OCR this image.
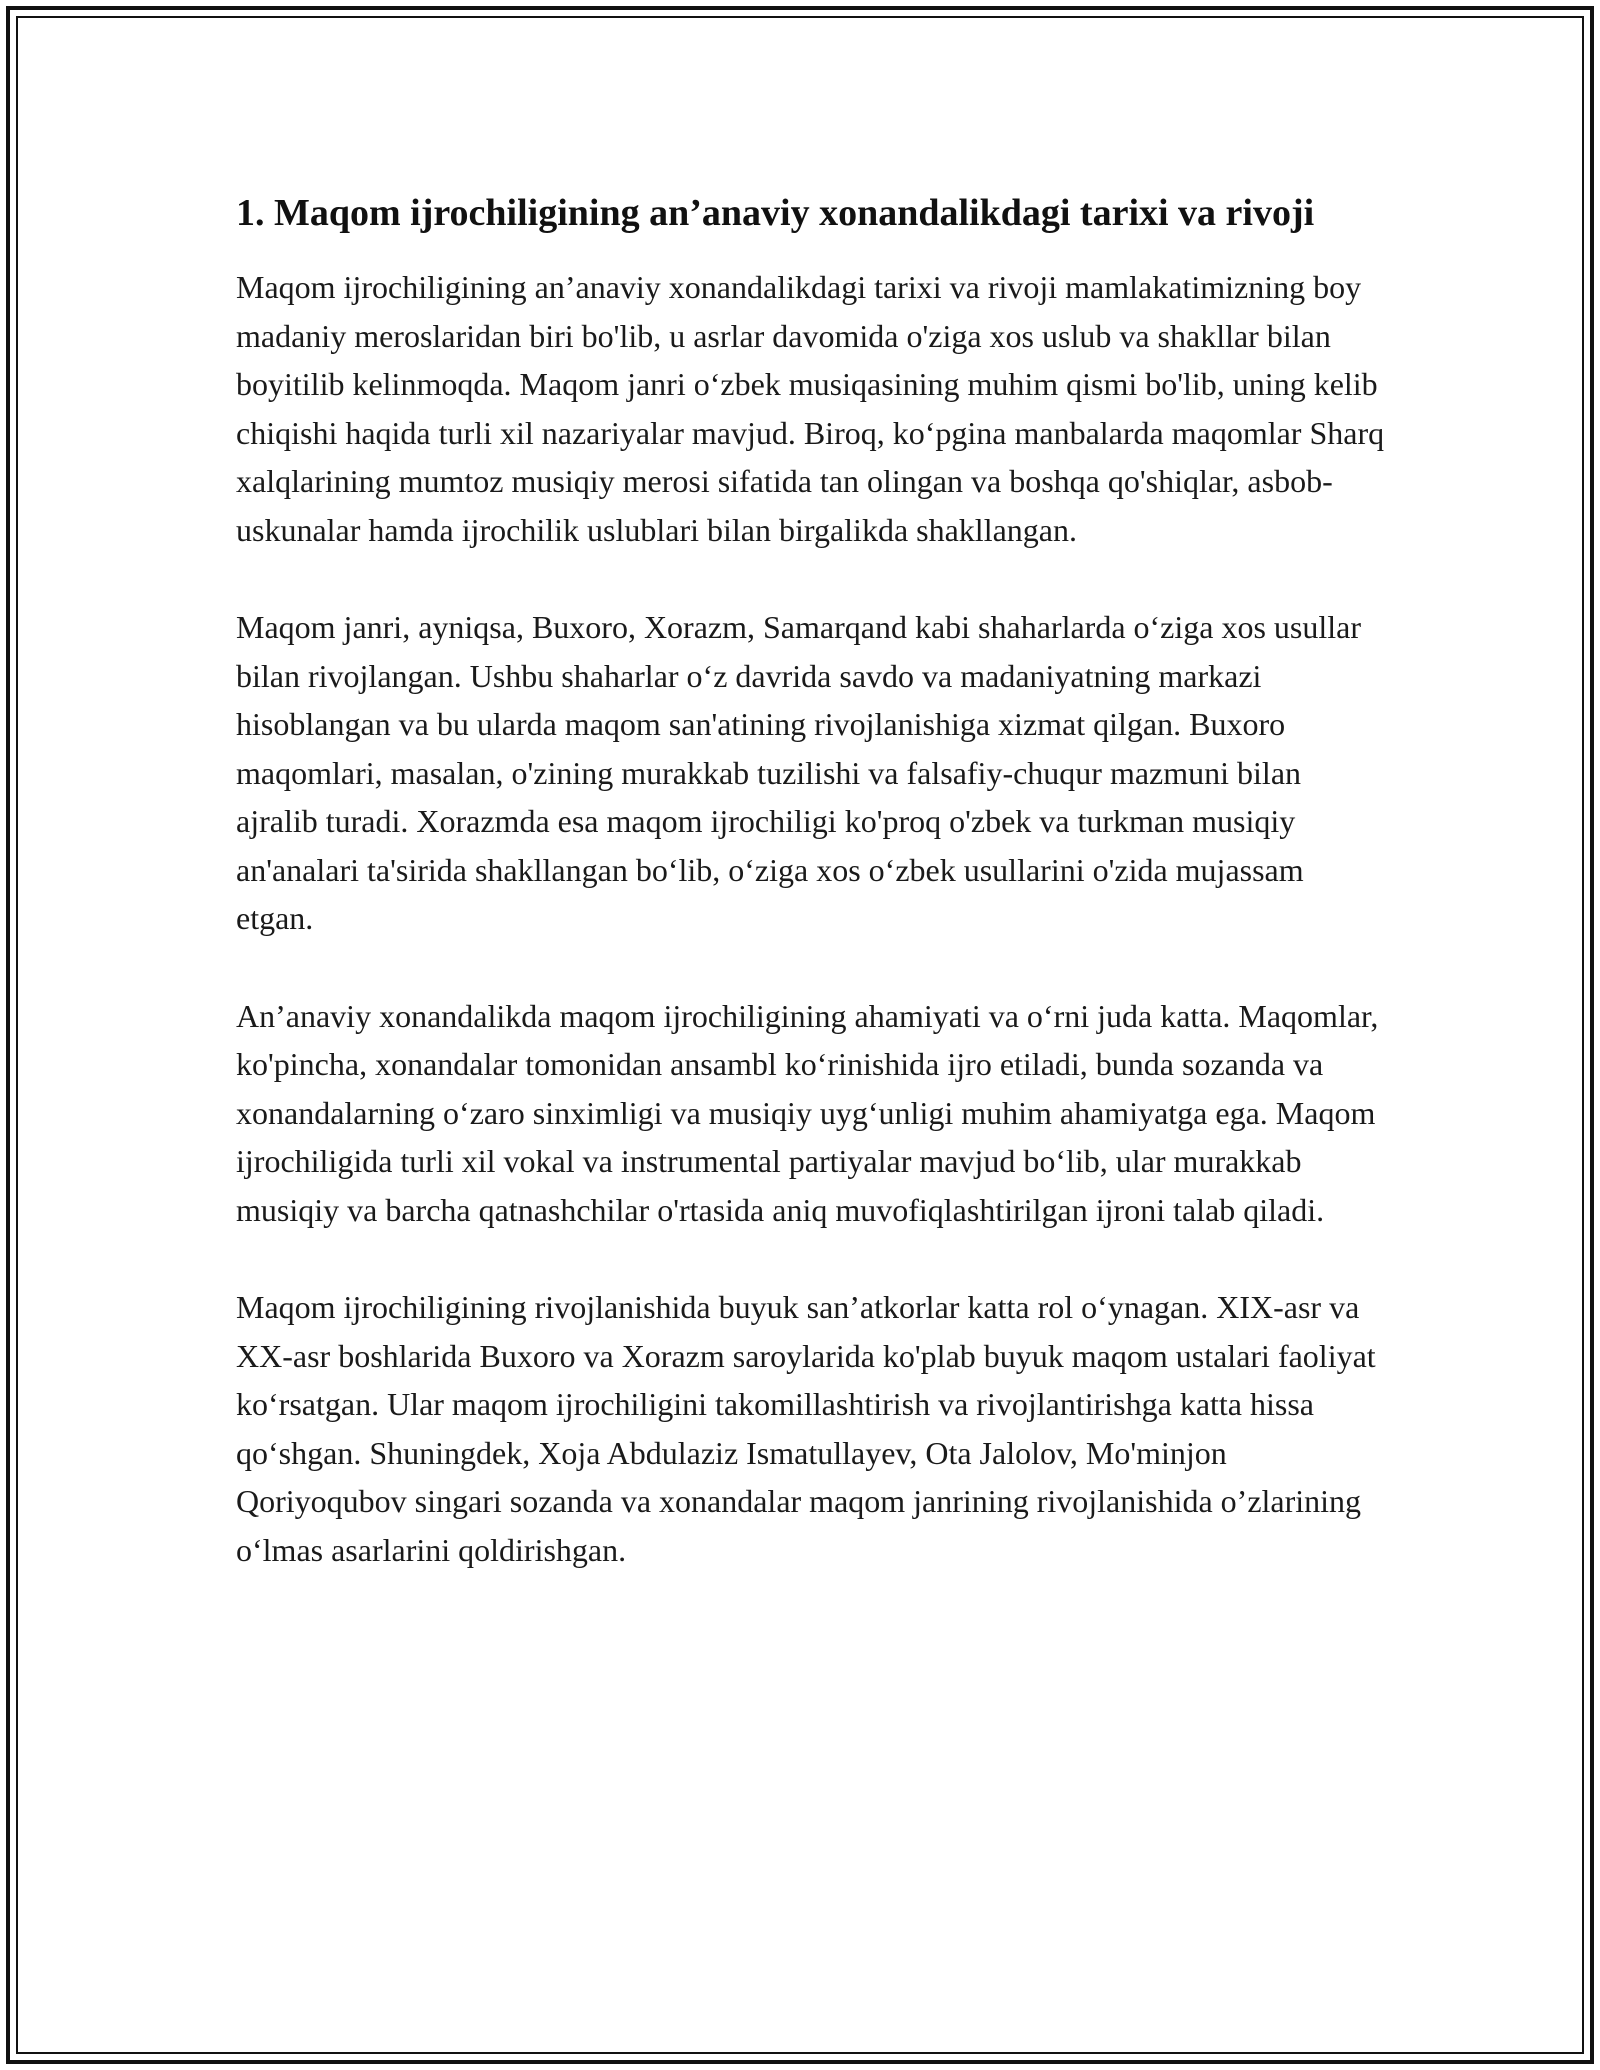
1. Maqom ijrochiligining an’anaviy xonandalikdagi tarixi va rivoji

Maqom ijrochiligining an’anaviy xonandalikdagi tarixi va rivoji mamlakatimizning boy madaniy meroslaridan biri bo'lib, u asrlar davomida o'ziga xos uslub va shakllar bilan boyitilib kelinmoqda. Maqom janri o‘zbek musiqasining muhim qismi bo'lib, uning kelib chiqishi haqida turli xil nazariyalar mavjud. Biroq, ko‘pgina manbalarda maqomlar Sharq xalqlarining mumtoz musiqiy merosi sifatida tan olingan va boshqa qo'shiqlar, asbob-uskunalar hamda ijrochilik uslublari bilan birgalikda shakllangan.

Maqom janri, ayniqsa, Buxoro, Xorazm, Samarqand kabi shaharlarda o‘ziga xos usullar bilan rivojlangan. Ushbu shaharlar o‘z davrida savdo va madaniyatning markazi hisoblangan va bu ularda maqom san'atining rivojlanishiga xizmat qilgan. Buxoro maqomlari, masalan, o'zining murakkab tuzilishi va falsafiy-chuqur mazmuni bilan ajralib turadi. Xorazmda esa maqom ijrochiligi ko'proq o'zbek va turkman musiqiy an'analari ta'sirida shakllangan bo‘lib, o‘ziga xos o‘zbek usullarini o'zida mujassam etgan.

An’anaviy xonandalikda maqom ijrochiligining ahamiyati va o‘rni juda katta. Maqomlar, ko'pincha, xonandalar tomonidan ansambl ko‘rinishida ijro etiladi, bunda sozanda va xonandalarning o‘zaro sinximligi va musiqiy uyg‘unligi muhim ahamiyatga ega. Maqom ijrochiligida turli xil vokal va instrumental partiyalar mavjud bo‘lib, ular murakkab musiqiy va barcha qatnashchilar o'rtasida aniq muvofiqlashtirilgan ijroni talab qiladi.

Maqom ijrochiligining rivojlanishida buyuk san’atkorlar katta rol o‘ynagan. XIX-asr va XX-asr boshlarida Buxoro va Xorazm saroylarida ko'plab buyuk maqom ustalari faoliyat ko‘rsatgan. Ular maqom ijrochiligini takomillashtirish va rivojlantirishga katta hissa qo‘shgan. Shuningdek, Xoja Abdulaziz Ismatullayev, Ota Jalolov, Mo'minjon Qoriyoqubov singari sozanda va xonandalar maqom janrining rivojlanishida o’zlarining o‘lmas asarlarini qoldirishgan.
